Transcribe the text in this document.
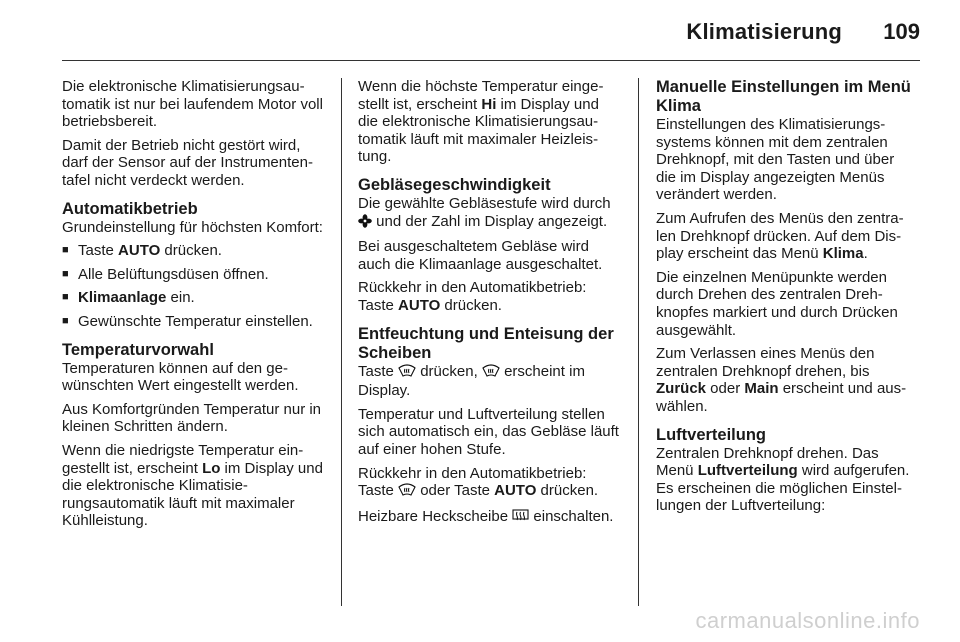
Klimatisierung 109

Die elektronische Klimatisierungsautomatik ist nur bei laufendem Motor voll betriebsbereit.

Damit der Betrieb nicht gestört wird, darf der Sensor auf der Instrumententafel nicht verdeckt werden.

Automatikbetrieb

Grundeinstellung für höchsten Komfort:

■ Taste AUTO drücken.
■ Alle Belüftungsdüsen öffnen.
■ Klimaanlage ein.
■ Gewünschte Temperatur einstellen.
Temperaturvorwahl

Temperaturen können auf den gewünschten Wert eingestellt werden.

Aus Komfortgründen Temperatur nur in kleinen Schritten ändern.

Wenn die niedrigste Temperatur eingestellt ist, erscheint Lo im Display und die elektronische Klimatisierungsautomatik läuft mit maximaler Kühlleistung.

Wenn die höchste Temperatur eingestellt ist, erscheint Hi im Display und die elektronische Klimatisierungsautomatik läuft mit maximaler Heizleistung.

Gebläsegeschwindigkeit

Die gewählte Gebläsestufe wird durch  und der Zahl im Display angezeigt.

Bei ausgeschaltetem Gebläse wird auch die Klimaanlage ausgeschaltet.

Rückkehr in den Automatikbetrieb: Taste AUTO drücken.

Entfeuchtung und Enteisung der Scheiben

Taste  drücken,  erscheint im Display.

Temperatur und Luftverteilung stellen sich automatisch ein, das Gebläse läuft auf einer hohen Stufe.

Rückkehr in den Automatikbetrieb: Taste  oder Taste AUTO drücken.

Heizbare Heckscheibe  einschalten.

Manuelle Einstellungen im Menü Klima

Einstellungen des Klimatisierungssystems können mit dem zentralen Drehknopf, mit den Tasten und über die im Display angezeigten Menüs verändert werden.

Zum Aufrufen des Menüs den zentralen Drehknopf drücken. Auf dem Display erscheint das Menü Klima.

Die einzelnen Menüpunkte werden durch Drehen des zentralen Drehknopfes markiert und durch Drücken ausgewählt.

Zum Verlassen eines Menüs den zentralen Drehknopf drehen, bis Zurück oder Main erscheint und auswählen.

Luftverteilung

Zentralen Drehknopf drehen. Das Menü Luftverteilung wird aufgerufen. Es erscheinen die möglichen Einstellungen der Luftverteilung:

carmanualsonline.info
